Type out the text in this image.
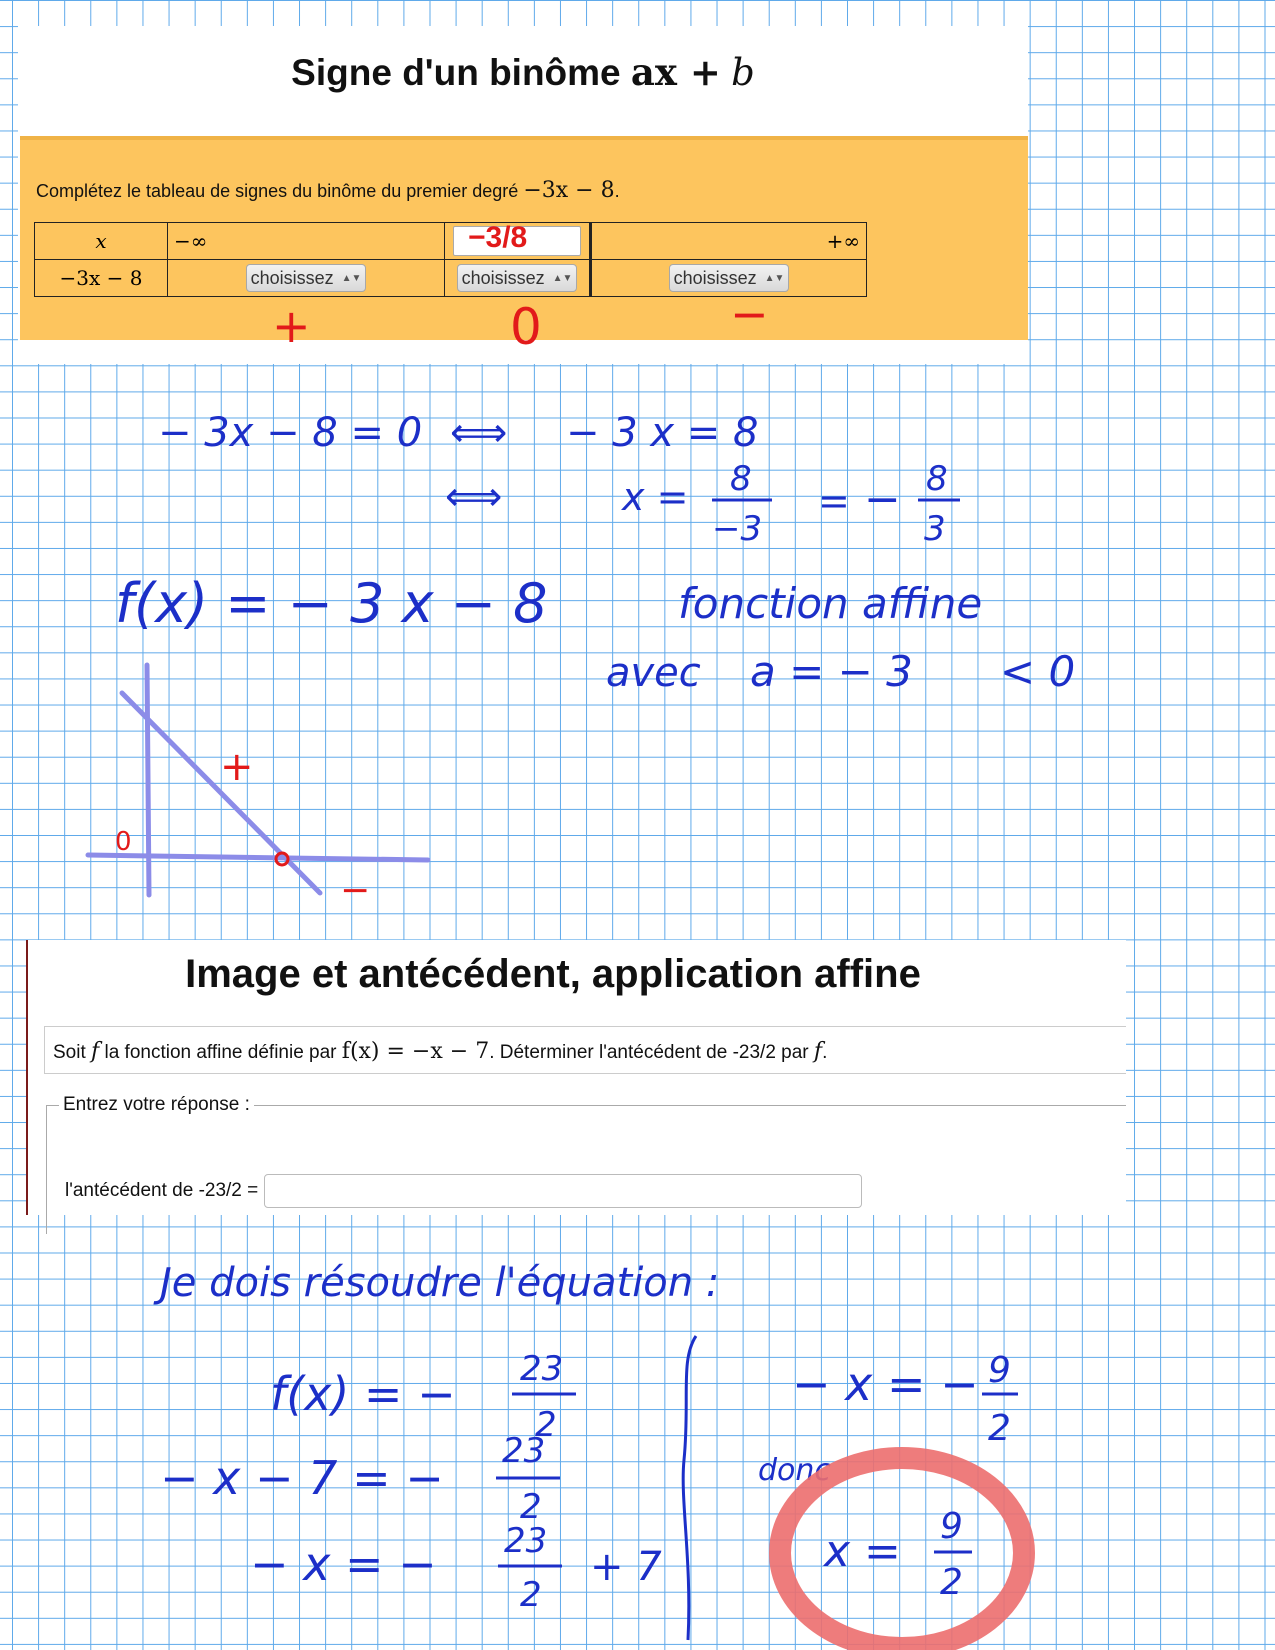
Signe d'un binôme ax + b
Complétez le tableau de signes du binôme du premier degré −3x − 8.
x	−∞	−3/8	+∞
−3x − 8	choisissez ▲▼	choisissez ▲▼	choisissez ▲▼
Image et antécédent, application affine
Soit f la fonction affine définie par f(x) = −x − 7. Déterminer l'antécédent de -23/2 par f.
Entrez votre réponse :
l'antécédent de -23/2 =
+	0	−
− 3x − 8 = 0 ⟺ − 3 x = 8
⟺	x = 8
−3
= − 8
3
f(x) = − 3 x − 8	fonction affine
avec a = − 3 < 0
+
0
−
Je dois résoudre l'équation :
f(x) = − 23
2
− x − 7 = − 23
2
− x = − 23
2
+ 7
− x = − 9
2
donc
x = 9
2
